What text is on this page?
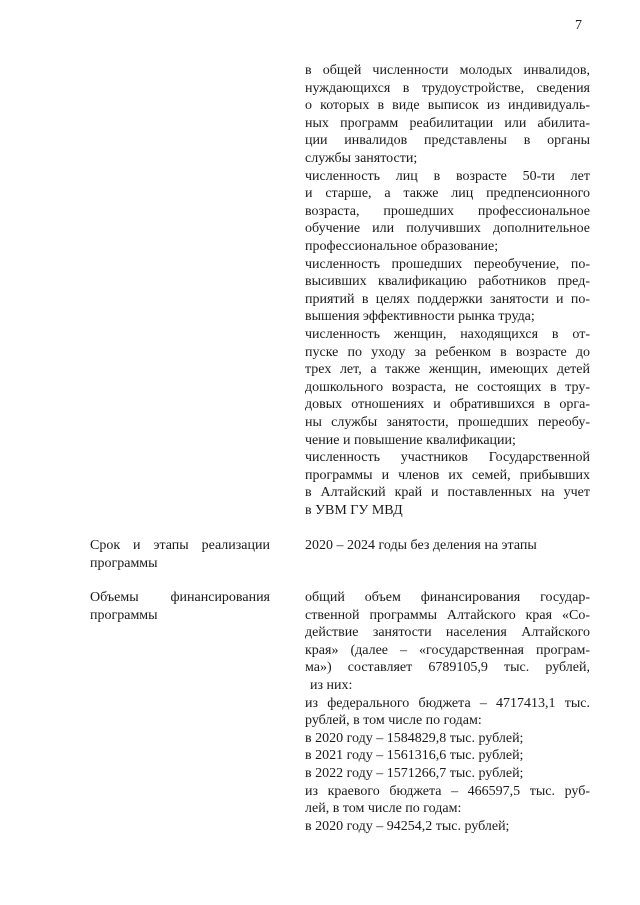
7
в общей численности молодых инвалидов,
нуждающихся в трудоустройстве, сведения
о которых в виде выписок из индивидуаль-
ных программ реабилитации или абилита-
ции инвалидов представлены в органы
службы занятости;
численность лиц в возрасте 50-ти лет
и старше, а также лиц предпенсионного
возраста, прошедших профессиональное
обучение или получивших дополнительное
профессиональное образование;
численность прошедших переобучение, по-
высивших квалификацию работников пред-
приятий в целях поддержки занятости и по-
вышения эффективности рынка труда;
численность женщин, находящихся в от-
пуске по уходу за ребенком в возрасте до
трех лет, а также женщин, имеющих детей
дошкольного возраста, не состоящих в тру-
довых отношениях и обратившихся в орга-
ны службы занятости, прошедших переобу-
чение и повышение квалификации;
численность участников Государственной
программы и членов их семей, прибывших
в Алтайский край и поставленных на учет
в УВМ ГУ МВД
Срок и этапы реализации
программы
2020 – 2024 годы без деления на этапы
Объемы финансирования
программы
общий объем финансирования государ-
ственной программы Алтайского края «Со-
действие занятости населения Алтайского
края» (далее – «государственная програм-
ма») составляет 6789105,9 тыс. рублей,
из них:
из федерального бюджета – 4717413,1 тыс.
рублей, в том числе по годам:
в 2020 году – 1584829,8 тыс. рублей;
в 2021 году – 1561316,6 тыс. рублей;
в 2022 году – 1571266,7 тыс. рублей;
из краевого бюджета – 466597,5 тыс. руб-
лей, в том числе по годам:
в 2020 году – 94254,2 тыс. рублей;
